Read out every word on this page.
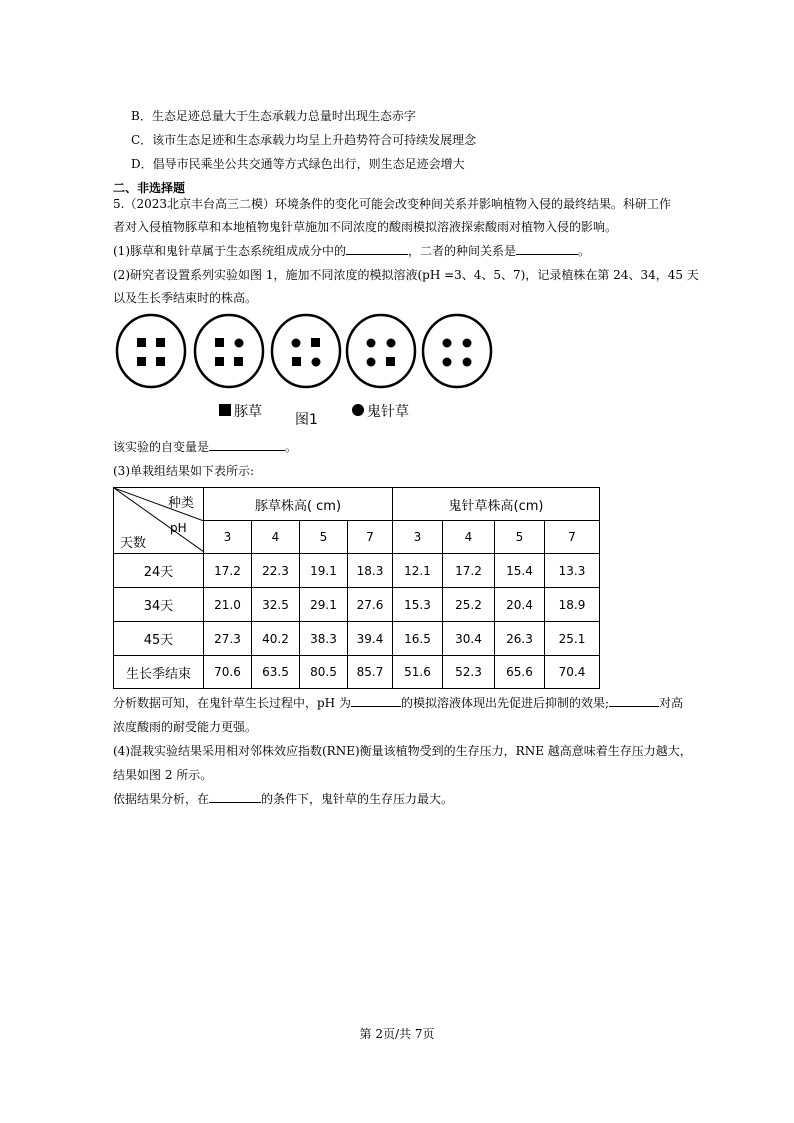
B．生态足迹总量大于生态承载力总量时出现生态赤字
C．该市生态足迹和生态承载力均呈上升趋势符合可持续发展理念
D．倡导市民乘坐公共交通等方式绿色出行，则生态足迹会增大
二、非选择题
5.（2023北京丰台高三二模）环境条件的变化可能会改变种间关系并影响植物入侵的最终结果。科研工作
者对入侵植物豚草和本地植物鬼针草施加不同浓度的酸雨模拟溶液探索酸雨对植物入侵的影响。
(1)豚草和鬼针草属于生态系统组成成分中的	，二者的种间关系是	。
(2)研究者设置系列实验如图 1，施加不同浓度的模拟溶液(pH =3、4、5、7)，记录植株在第 24、34，45 天
以及生长季结束时的株高。
豚草 图1	鬼针草
该实验的自变量是	。
(3)单栽组结果如下表所示:
种类
pH
天数	豚草株高( cm)				鬼针草株高(cm)			
	3	4	5	7	3	4	5	7
24天	17.2	22.3	19.1	18.3	12.1	17.2	15.4	13.3
34天	21.0	32.5	29.1	27.6	15.3	25.2	20.4	18.9
45天	27.3	40.2	38.3	39.4	16.5	30.4	26.3	25.1
生长季结束	70.6	63.5	80.5	85.7	51.6	52.3	65.6	70.4
分析数据可知，在鬼针草生长过程中，pH 为	的模拟溶液体现出先促进后抑制的效果;	对高
浓度酸雨的耐受能力更强。
(4)混栽实验结果采用相对邻株效应指数(RNE)衡量该植物受到的生存压力，RNE 越高意味着生存压力越大，
结果如图 2 所示。
依据结果分析，在	的条件下，鬼针草的生存压力最大。
第 2页/共 7页
